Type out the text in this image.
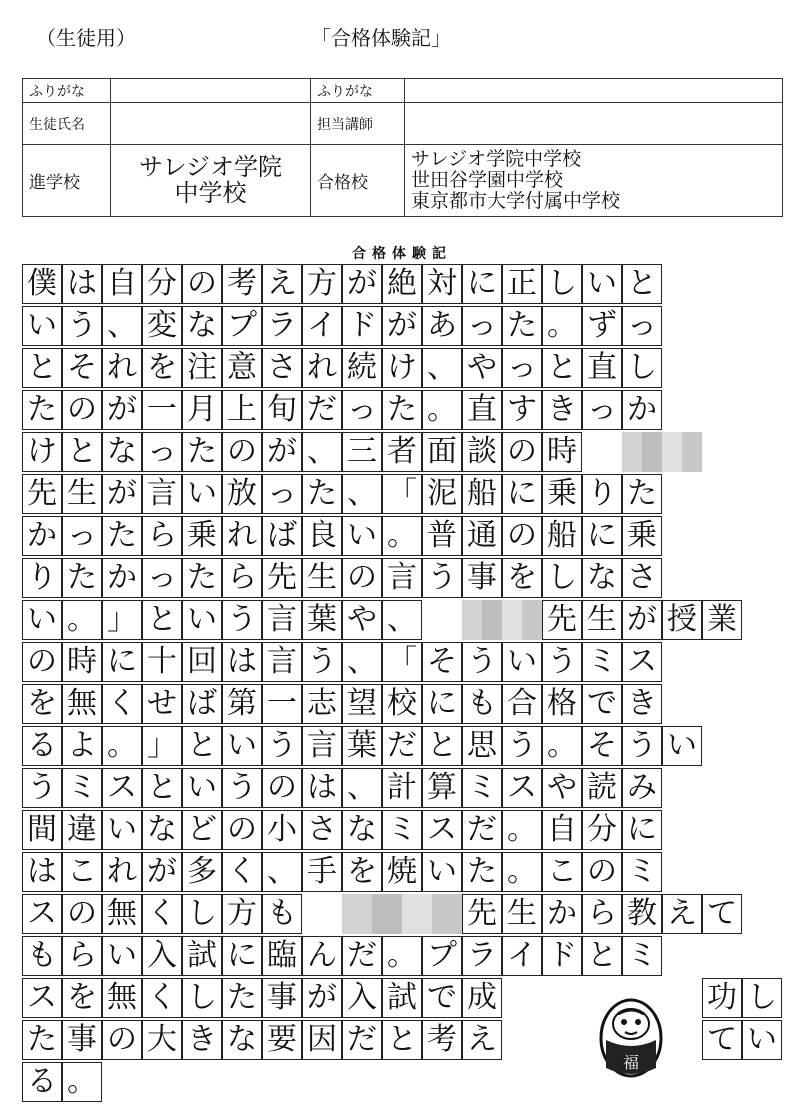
（生徒用）	「合格体験記」
ふりがな		ふりがな	

生徒氏名		担当講師	

進学校	サレジオ学院中学校	合格校	サレジオ学院中学校
世田谷学園中学校
東京都市大学付属中学校
合格体験記
僕 は 自 分 の 考 え 方 が 絶 対 に 正 し い と
い う 、 変 な プ ラ イ ド が あ っ た 。 ず っ
と そ れ を 注 意 さ れ 続 け 、 や っ と 直 し
た の が 一 月 上 旬 だ っ た 。 直 す き っ か
け と な っ た の が 、 三 者 面 談 の 時
先 生 が 言 い 放 っ た 、 「 泥 船 に 乗 り た
か っ た ら 乗 れ ば 良 い 。 普 通 の 船 に 乗
り た か っ た ら 先 生 の 言 う 事 を し な さ
い 。 」 と い う 言 葉 や 、
の 時 に 十 回 は 言 う 、 「 そ う い う ミ ス
を 無 く せ ば 第 一 志 望 校 に も 合 格 で き
る よ 。 」 と い う 言 葉 だ と 思 う 。 そ う い
う ミ ス と い う の は 、 計 算 ミ ス や 読 み
間 違 い な ど の 小 さ な ミ ス だ 。 自 分 に
は こ れ が 多 く 、 手 を 焼 い た 。 こ の ミ
ス の 無 く し 方 も
も ら い 入 試 に 臨 ん だ 。 プ ラ イ ド と ミ
ス を 無 く し た 事 が 入 試 で 成
た 事 の 大 き な 要 因 だ と 考 え
る 。
先 生 が 授 業
先 生 か ら 教 え て
功 し
て い
福
